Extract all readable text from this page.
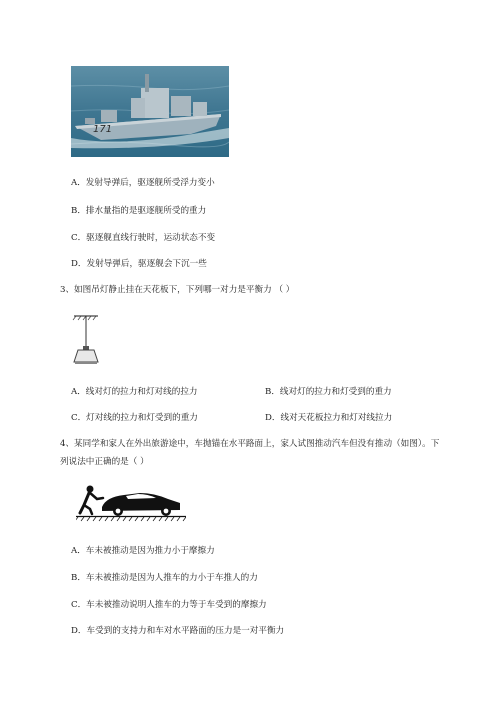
171
A．发射导弹后，驱逐舰所受浮力变小
B．排水量指的是驱逐舰所受的重力
C．驱逐舰直线行驶时，运动状态不变
D．发射导弹后，驱逐舰会下沉一些
3、如图吊灯静止挂在天花板下，下列哪一对力是平衡力 （ ）
A．线对灯的拉力和灯对线的拉力	B．线对灯的拉力和灯受到的重力
C．灯对线的拉力和灯受到的重力	D．线对天花板拉力和灯对线拉力
4、某同学和家人在外出旅游途中，车抛锚在水平路面上，家人试图推动汽车但没有推动（如图）。下
列说法中正确的是（ ）
A．车未被推动是因为推力小于摩擦力
B．车未被推动是因为人推车的力小于车推人的力
C．车未被推动说明人推车的力等于车受到的摩擦力
D．车受到的支持力和车对水平路面的压力是一对平衡力
